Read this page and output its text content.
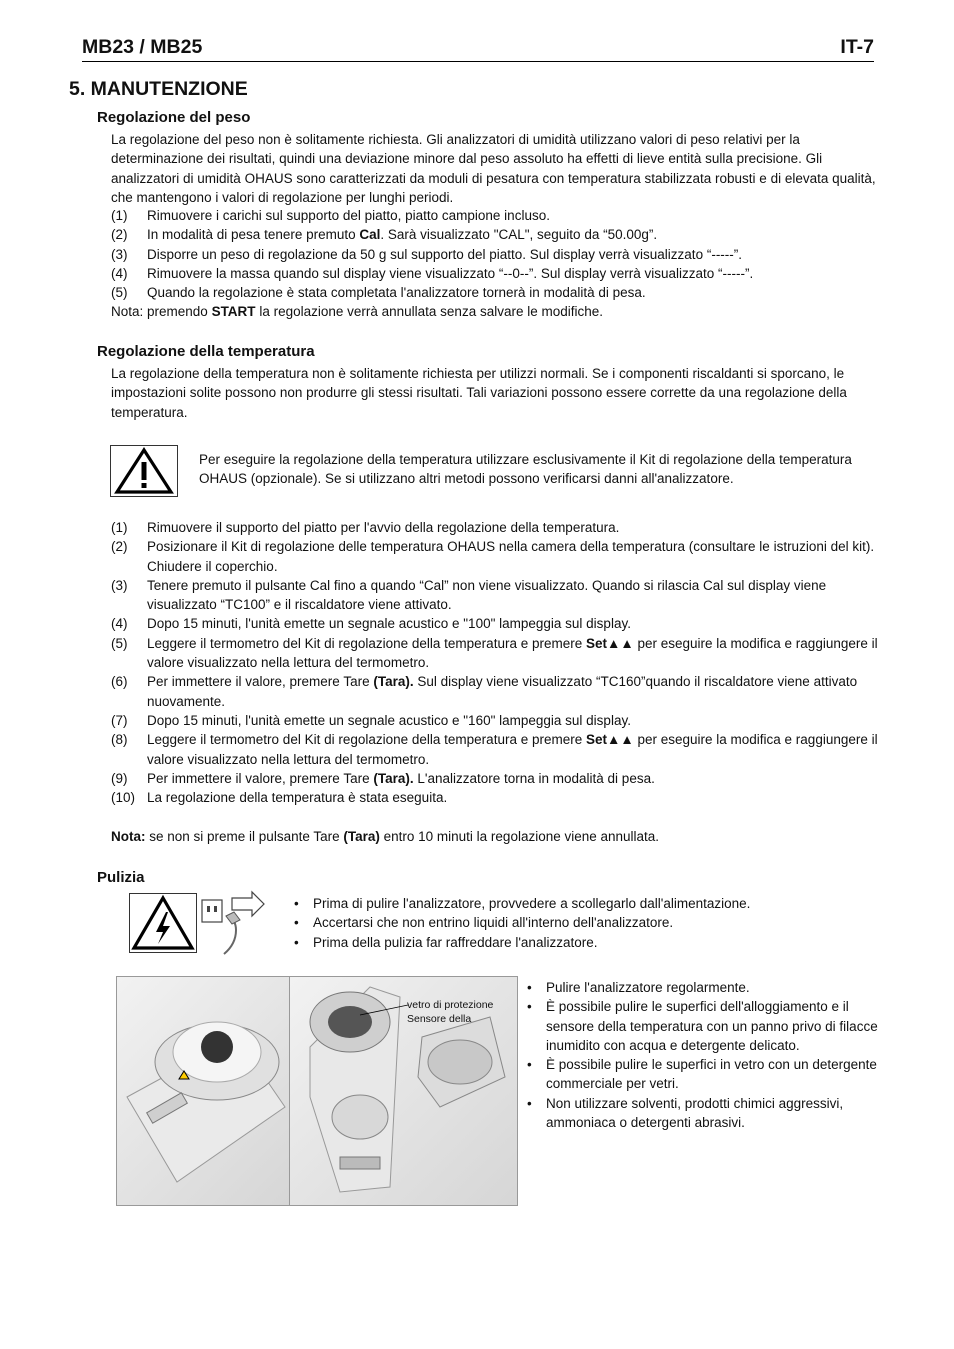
MB23 / MB25	IT-7
5. MANUTENZIONE
Regolazione del peso
La regolazione del peso non è solitamente richiesta. Gli analizzatori di umidità utilizzano valori di peso relativi per la determinazione dei risultati, quindi una deviazione minore dal peso assoluto ha effetti di lieve entità sulla precisione. Gli analizzatori di umidità OHAUS sono caratterizzati da moduli di pesatura con temperatura stabilizzata robusti e di elevata qualità, che mantengono i valori di regolazione per lunghi periodi.
(1) Rimuovere i carichi sul supporto del piatto, piatto campione incluso.
(2) In modalità di pesa tenere premuto Cal. Sarà visualizzato "CAL", seguito da “50.00g”.
(3) Disporre un peso di regolazione da 50 g sul supporto del piatto. Sul display verrà visualizzato “-----”.
(4) Rimuovere la massa quando sul display viene visualizzato “--0--”. Sul display verrà visualizzato “-----”.
(5) Quando la regolazione è stata completata l'analizzatore tornerà in modalità di pesa.
Nota: premendo START la regolazione verrà annullata senza salvare le modifiche.
Regolazione della temperatura
La regolazione della temperatura non è solitamente richiesta per utilizzi normali. Se i componenti riscaldanti si sporcano, le impostazioni solite possono non produrre gli stessi risultati. Tali variazioni possono essere corrette da una regolazione della temperatura.
Per eseguire la regolazione della temperatura utilizzare esclusivamente il Kit di regolazione della temperatura OHAUS (opzionale). Se si utilizzano altri metodi possono verificarsi danni all'analizzatore.
(1) Rimuovere il supporto del piatto per l'avvio della regolazione della temperatura.
(2) Posizionare il Kit di regolazione delle temperatura OHAUS nella camera della temperatura (consultare le istruzioni del kit). Chiudere il coperchio.
(3) Tenere premuto il pulsante Cal fino a quando “Cal” non viene visualizzato. Quando si rilascia Cal sul display viene visualizzato “TC100” e il riscaldatore viene attivato.
(4) Dopo 15 minuti, l'unità emette un segnale acustico e "100" lampeggia sul display.
(5) Leggere il termometro del Kit di regolazione della temperatura e premere Set▲▲ per eseguire la modifica e raggiungere il valore visualizzato nella lettura del termometro.
(6) Per immettere il valore, premere Tare (Tara). Sul display viene visualizzato “TC160”quando il riscaldatore viene attivato nuovamente.
(7) Dopo 15 minuti, l'unità emette un segnale acustico e "160" lampeggia sul display.
(8) Leggere il termometro del Kit di regolazione della temperatura e premere Set▲▲ per eseguire la modifica e raggiungere il valore visualizzato nella lettura del termometro.
(9) Per immettere il valore, premere Tare (Tara). L'analizzatore torna in modalità di pesa.
(10) La regolazione della temperatura è stata eseguita.
Nota: se non si preme il pulsante Tare (Tara) entro 10 minuti la regolazione viene annullata.
Pulizia
• Prima di pulire l'analizzatore, provvedere a scollegarlo dall'alimentazione.
• Accertarsi che non entrino liquidi all'interno dell'analizzatore.
• Prima della pulizia far raffreddare l'analizzatore.
vetro di protezione
Sensore della
• Pulire l'analizzatore regolarmente.
• È possibile pulire le superfici dell'alloggiamento e il sensore della temperatura con un panno privo di filacce inumidito con acqua e detergente delicato.
• È possibile pulire le superfici in vetro con un detergente commerciale per vetri.
• Non utilizzare solventi, prodotti chimici aggressivi, ammoniaca o detergenti abrasivi.
